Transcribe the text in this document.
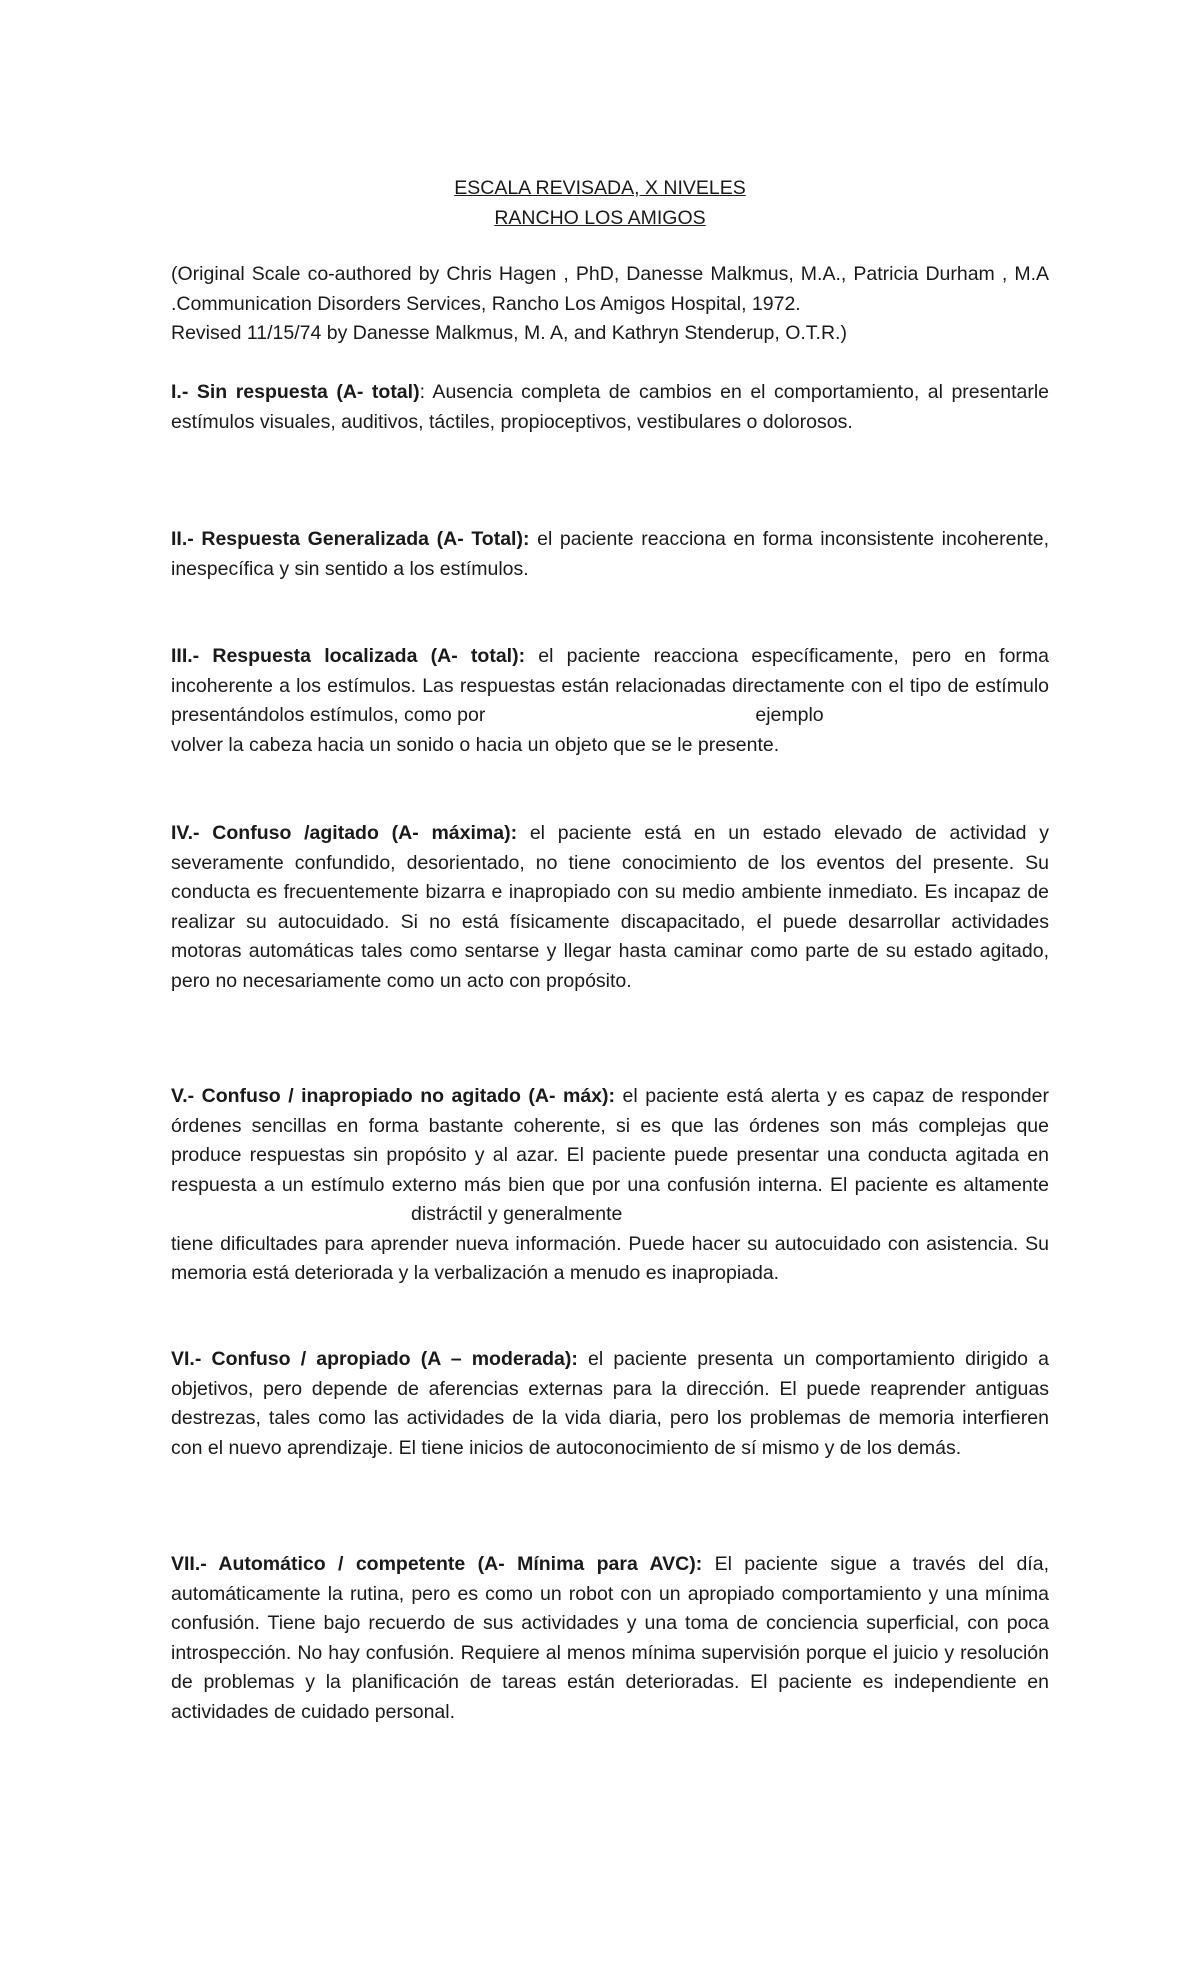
ESCALA REVISADA, X NIVELES

RANCHO LOS AMIGOS

(Original Scale co-authored by Chris Hagen , PhD, Danesse Malkmus, M.A., Patricia Durham , M.A .Communication Disorders Services, Rancho Los Amigos Hospital, 1972.

Revised 11/15/74 by Danesse Malkmus, M. A, and Kathryn Stenderup, O.T.R.)

I.- Sin respuesta (A- total): Ausencia completa de cambios en el comportamiento, al presentarle estímulos visuales, auditivos, táctiles, propioceptivos, vestibulares o dolorosos.

II.- Respuesta Generalizada (A- Total): el paciente reacciona en forma inconsistente incoherente, inespecífica y sin sentido a los estímulos.

III.- Respuesta localizada (A- total): el paciente reacciona específicamente, pero en forma incoherente a los estímulos. Las respuestas están relacionadas directamente con el tipo de estímulo presentándolos estímulos, como por	ejemplo
volver la cabeza hacia un sonido o hacia un objeto que se le presente.

IV.- Confuso /agitado (A- máxima): el paciente está en un estado elevado de actividad y severamente confundido, desorientado, no tiene conocimiento de los eventos del presente. Su conducta es frecuentemente bizarra e inapropiado con su medio ambiente inmediato. Es incapaz de realizar su autocuidado. Si no está físicamente discapacitado, el puede desarrollar actividades motoras automáticas tales como sentarse y llegar hasta caminar como parte de su estado agitado, pero no necesariamente como un acto con propósito.

V.- Confuso / inapropiado no agitado (A- máx): el paciente está alerta y es capaz de responder órdenes sencillas en forma bastante coherente, si es que las órdenes son más complejas que produce respuestas sin propósito y al azar. El paciente puede presentar una conducta agitada en respuesta a un estímulo externo más bien que por una confusión interna. El paciente es altamentedistráctil y generalmente
tiene dificultades para aprender nueva información. Puede hacer su autocuidado con asistencia. Su memoria está deteriorada y la verbalización a menudo es inapropiada.

VI.- Confuso / apropiado (A – moderada): el paciente presenta un comportamiento dirigido a objetivos, pero depende de aferencias externas para la dirección. El puede reaprender antiguas destrezas, tales como las actividades de la vida diaria, pero los problemas de memoria interfieren con el nuevo aprendizaje. El tiene inicios de autoconocimiento de sí mismo y de los demás.

VII.- Automático / competente (A- Mínima para AVC): El paciente sigue a través del día, automáticamente la rutina, pero es como un robot con un apropiado comportamiento y una mínima confusión. Tiene bajo recuerdo de sus actividades y una toma de conciencia superficial, con poca introspección. No hay confusión. Requiere al menos mínima supervisión porque el juicio y resolución de problemas y la planificación de tareas están deterioradas. El paciente es independiente en actividades de cuidado personal.
